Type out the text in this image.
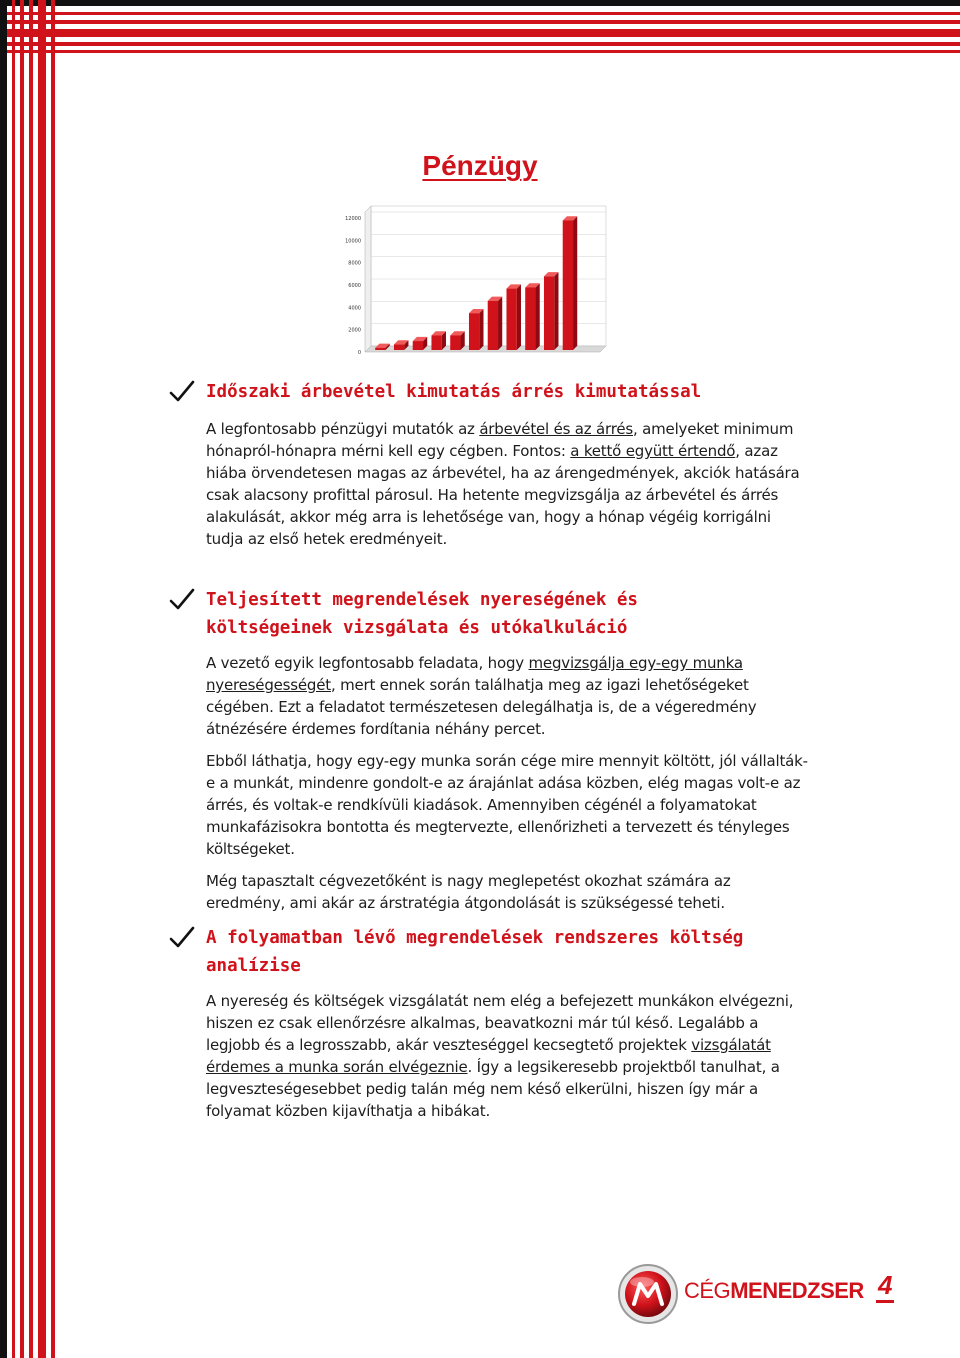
Pénzügy
0
2000
4000
6000
8000
10000
12000
Időszaki árbevétel kimutatás árrés kimutatással
A legfontosabb pénzügyi mutatók az árbevétel és az árrés, amelyeket minimum hónapról-hónapra mérni kell egy cégben. Fontos: a kettő együtt értendő, azaz hiába örvendetesen magas az árbevétel, ha az árengedmények, akciók hatására csak alacsony profittal párosul. Ha hetente megvizsgálja az árbevétel és árrés alakulását, akkor még arra is lehetősége van, hogy a hónap végéig korrigálni tudja az első hetek eredményeit.
Teljesített megrendelések nyereségének és
költségeinek vizsgálata és utókalkuláció
A vezető egyik legfontosabb feladata, hogy megvizsgálja egy-egy munka nyereségességét, mert ennek során találhatja meg az igazi lehetőségeket cégében. Ezt a feladatot természetesen delegálhatja is, de a végeredmény átnézésére érdemes fordítania néhány percet.
Ebből láthatja, hogy egy-egy munka során cége mire mennyit költött, jól vállalták-e a munkát, mindenre gondolt-e az árajánlat adása közben, elég magas volt-e az árrés, és voltak-e rendkívüli kiadások. Amennyiben cégénél a folyamatokat munkafázisokra bontotta és megtervezte, ellenőrizheti a tervezett és tényleges költségeket.
Még tapasztalt cégvezetőként is nagy meglepetést okozhat számára az eredmény, ami akár az árstratégia átgondolását is szükségessé teheti.
A folyamatban lévő megrendelések rendszeres költség
analízise
A nyereség és költségek vizsgálatát nem elég a befejezett munkákon elvégezni, hiszen ez csak ellenőrzésre alkalmas, beavatkozni már túl késő. Legalább a legjobb és a legrosszabb, akár veszteséggel kecsegtető projektek vizsgálatát érdemes a munka során elvégeznie. Így a legsikeresebb projektből tanulhat, a legveszteségesebbet pedig talán még nem késő elkerülni, hiszen így már a folyamat közben kijavíthatja a hibákat.
CÉGMENEDZSER 4
